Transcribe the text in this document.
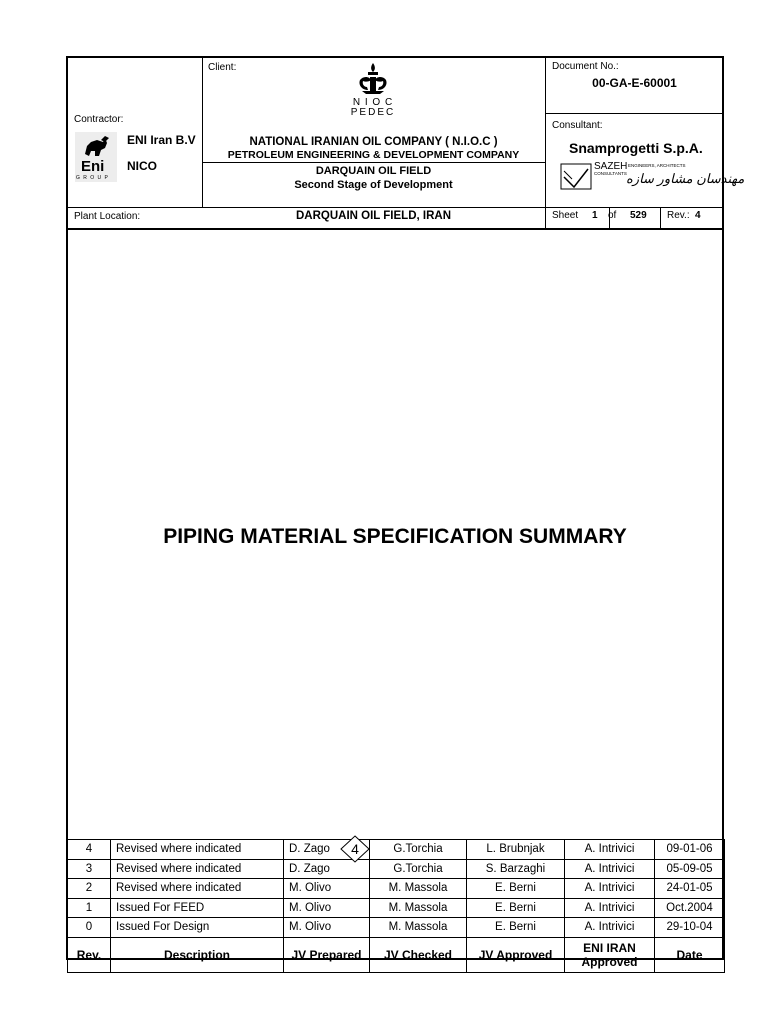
Client:
N I O C
PEDEC
NATIONAL IRANIAN OIL COMPANY ( N.I.O.C )
PETROLEUM ENGINEERING & DEVELOPMENT COMPANY
DARQUAIN OIL FIELD
Second Stage of Development
Contractor:
Eni
G R O U P
ENI Iran B.V
NICO
Document No.:
00-GA-E-60001
Consultant:
Snamprogetti S.p.A.
SAZEH ENGINEERS, ARCHITECTS
CONSULTANTS مهندسان مشاور سازه
Plant Location:	DARQUAIN OIL FIELD, IRAN	Sheet 1 of 529 Rev.: 4
PIPING MATERIAL SPECIFICATION SUMMARY
4	Revised where indicated	D. Zago	G.Torchia	L. Brubnjak	A. Intrivici	09-01-06
3	Revised where indicated	D. Zago	G.Torchia	S. Barzaghi	A. Intrivici	05-09-05
2	Revised where indicated	M. Olivo	M. Massola	E. Berni	A. Intrivici	24-01-05
1	Issued For FEED	M. Olivo	M. Massola	E. Berni	A. Intrivici	Oct.2004
0	Issued For Design	M. Olivo	M. Massola	E. Berni	A. Intrivici	29-10-04
Rev.	Description	JV Prepared	JV Checked	JV Approved	ENI IRAN Approved	Date
4
